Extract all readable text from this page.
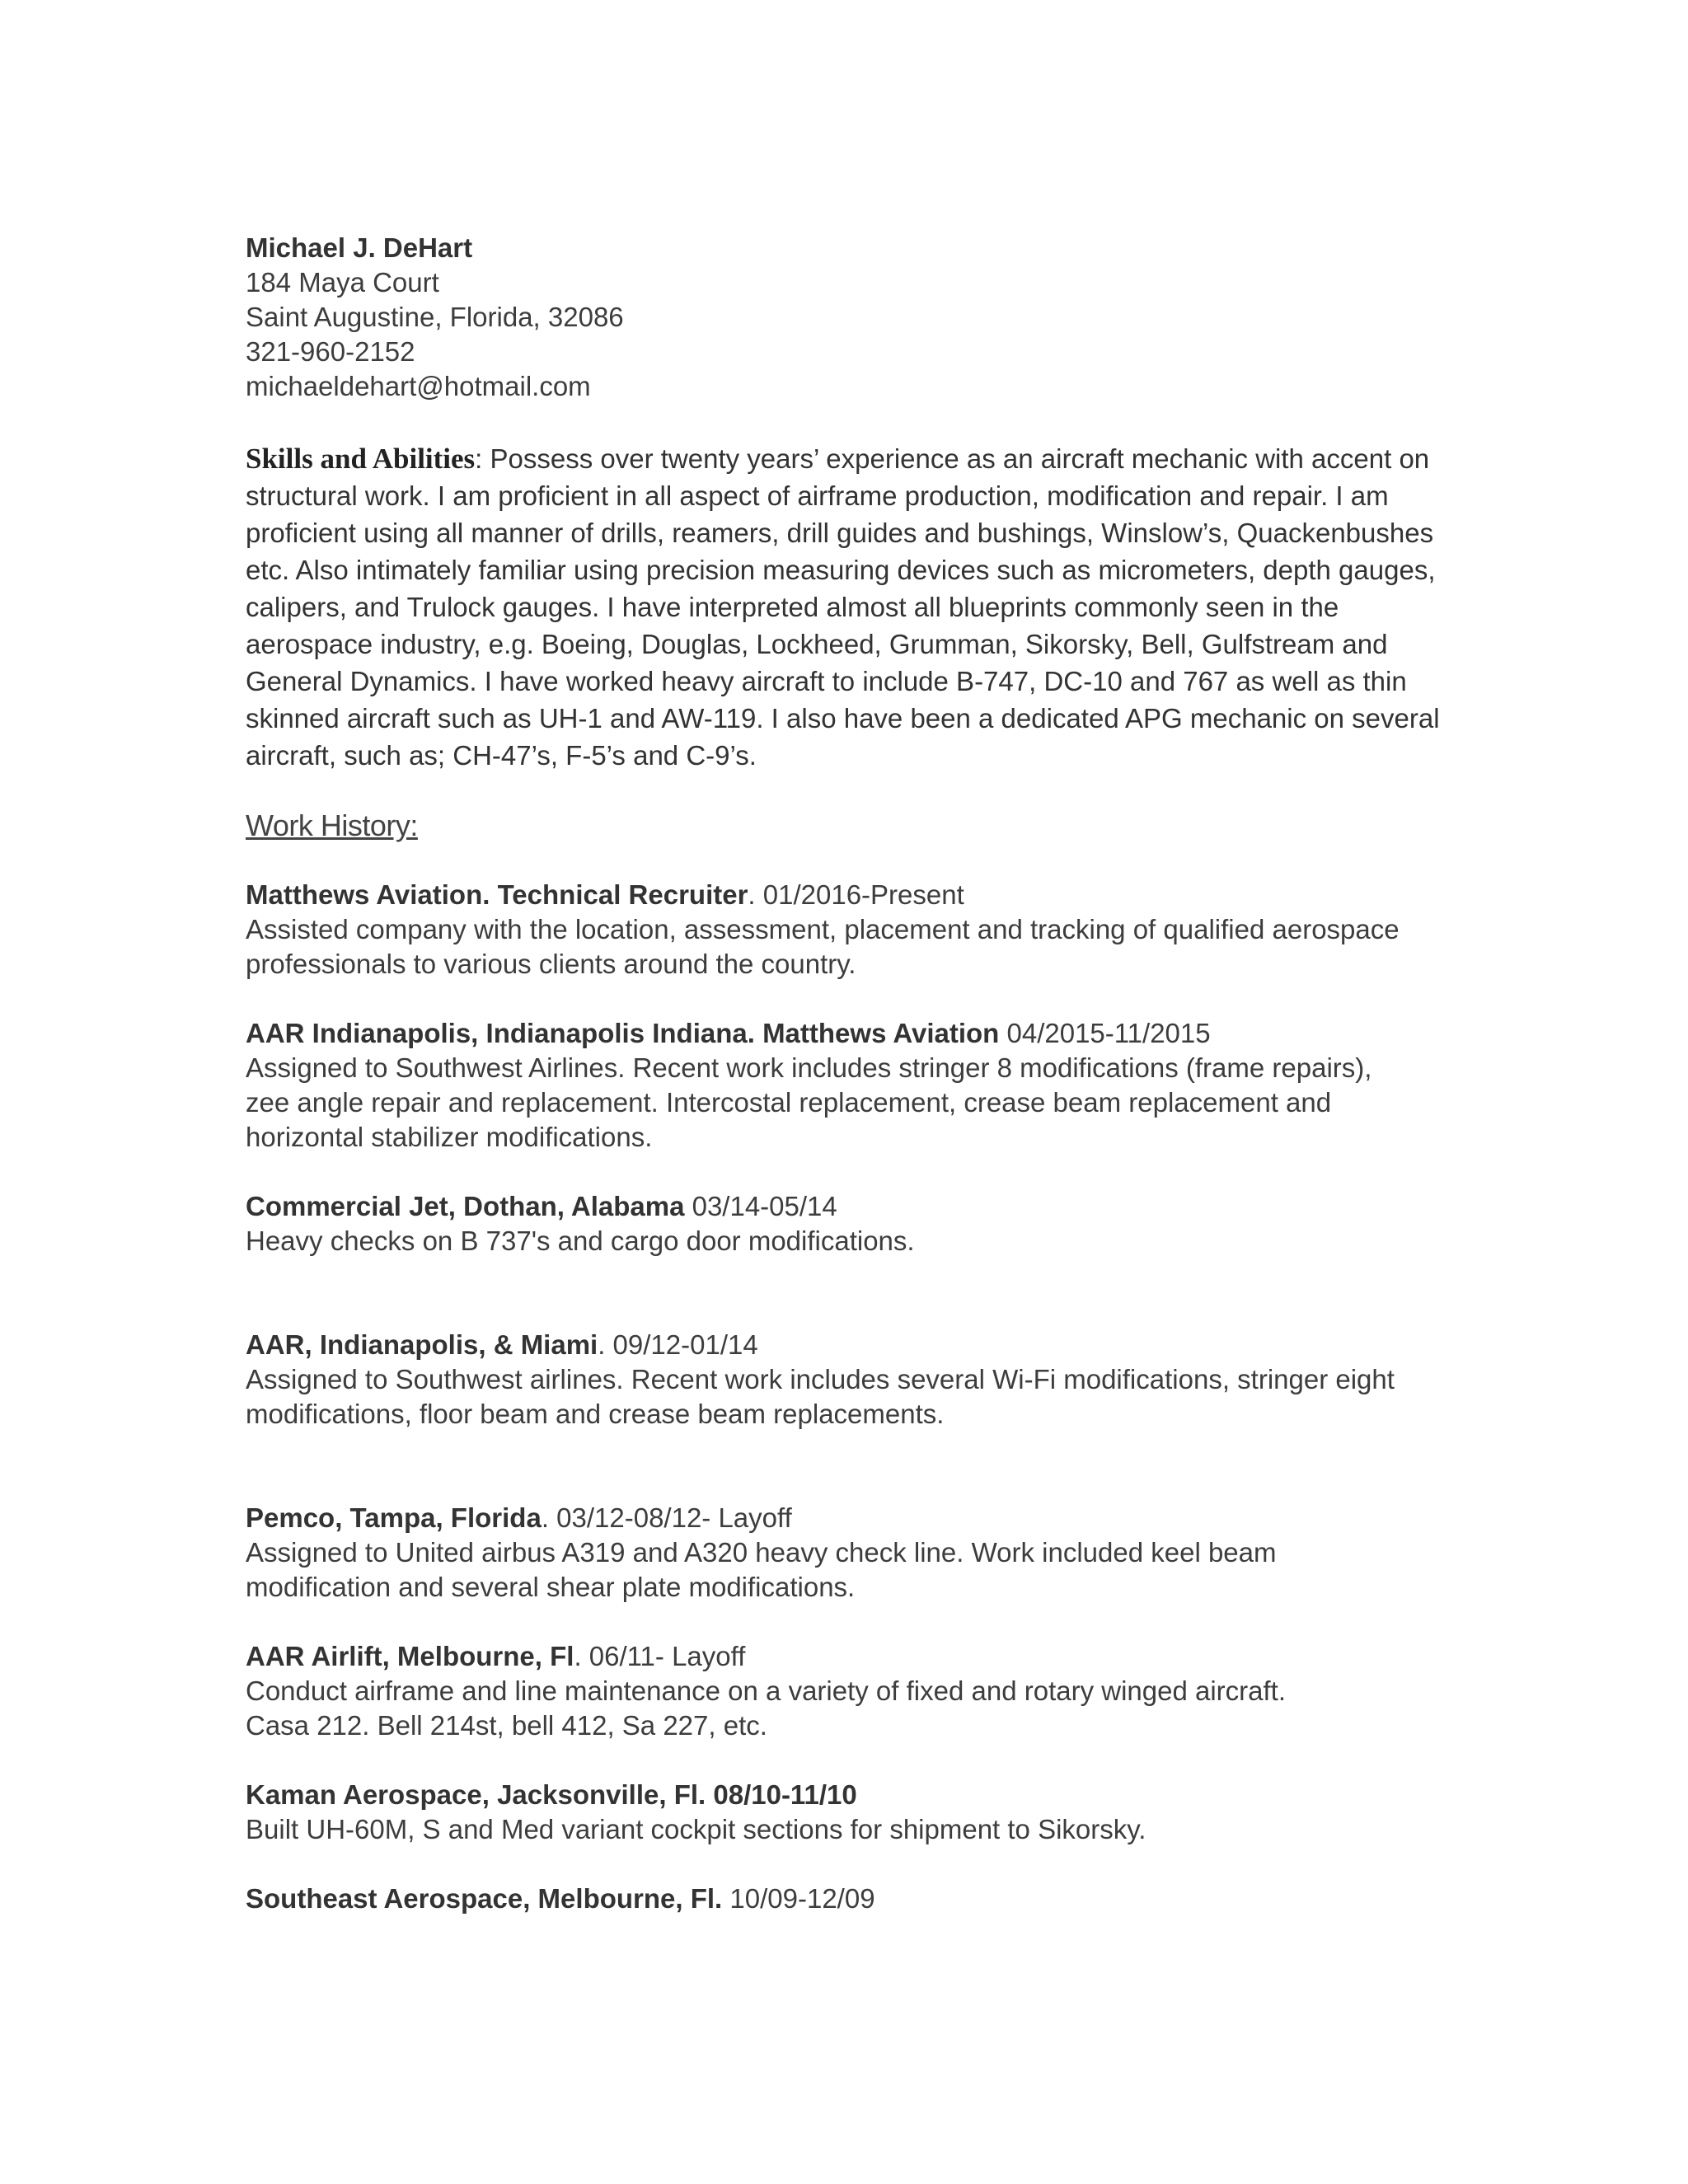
Michael J. DeHart
184 Maya Court
Saint Augustine, Florida, 32086
321-960-2152
michaeldehart@hotmail.com
Skills and Abilities: Possess over twenty years’ experience as an aircraft mechanic with accent on structural work. I am proficient in all aspect of airframe production, modification and repair. I am proficient using all manner of drills, reamers, drill guides and bushings, Winslow’s, Quackenbushes etc. Also intimately familiar using precision measuring devices such as micrometers, depth gauges, calipers, and Trulock gauges. I have interpreted almost all blueprints commonly seen in the aerospace industry, e.g. Boeing, Douglas, Lockheed, Grumman, Sikorsky, Bell, Gulfstream and General Dynamics. I have worked heavy aircraft to include B-747, DC-10 and 767 as well as thin skinned aircraft such as UH-1 and AW-119. I also have been a dedicated APG mechanic on several aircraft, such as; CH-47’s, F-5’s and C-9’s.
Work History:
Matthews Aviation. Technical Recruiter. 01/2016-Present
Assisted company with the location, assessment, placement and tracking of qualified aerospace
professionals to various clients around the country.
AAR Indianapolis, Indianapolis Indiana. Matthews Aviation 04/2015-11/2015
Assigned to Southwest Airlines. Recent work includes stringer 8 modifications (frame repairs),
zee angle repair and replacement. Intercostal replacement, crease beam replacement and
horizontal stabilizer modifications.
Commercial Jet, Dothan, Alabama 03/14-05/14
Heavy checks on B 737's and cargo door modifications.
AAR, Indianapolis, & Miami. 09/12-01/14
Assigned to Southwest airlines. Recent work includes several Wi-Fi modifications, stringer eight
modifications, floor beam and crease beam replacements.
Pemco, Tampa, Florida. 03/12-08/12- Layoff
Assigned to United airbus A319 and A320 heavy check line. Work included keel beam
modification and several shear plate modifications.
AAR Airlift, Melbourne, Fl. 06/11- Layoff
Conduct airframe and line maintenance on a variety of fixed and rotary winged aircraft.
Casa 212. Bell 214st, bell 412, Sa 227, etc.
Kaman Aerospace, Jacksonville, Fl. 08/10-11/10
Built UH-60M, S and Med variant cockpit sections for shipment to Sikorsky.
Southeast Aerospace, Melbourne, Fl. 10/09-12/09
